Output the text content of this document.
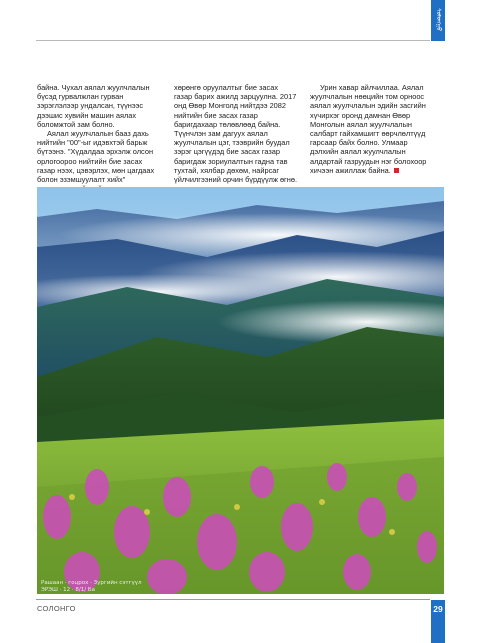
ᠰᠣᠯᠣᠩᠭᠣ

байна. Чухал аялал жуулчлалын бүсэд гурвалжлан гурван зэрэглэлээр ундалсан, түүнээс дээшис хувийн машин аялах боломжтой зам болно.

Аялал жуулчлалын бааз дахь нийтийн "00"-ыг идэвхтэй барьж бүтээнэ. "Хүдалдаа эрхэлж олсон орлогоороо нийтийн бие засах газар нээх, цэвэрлэх, мөн цагдаах болон эзэмшуулалт хийх"

хөрөнгө оруулалтыг бие засах газар барих ажилд зарцуулна. 2017 онд Өвөр Монголд нийтдээ 2082 нийтийн бие засах газар баригдахаар төлөвлөөд байна. Түүнчлэн зам дагуух аялал жуулчлалын цэг, тээврийн буудал зэрэг цэгүүдэд бие засах газар баригдаж зориулалтын гадна тав тухтай, хялбар дөхөм, найрсаг үйлчилгээний орчин бүрдүүлж өгнө.

Урин хавар айлчиллаа. Аялал жуулчлалын нөөцийн том орноос аялал жуулчлалын эдийн засгийн хүчирхэг оронд дамнан Өвөр Монголын аялал жуулчлалын салбарт гайхамшигт өөрчлөлтүүд гарсаар байх болно. Улмаар дэлхийн аялал жуулчлалын алдартай газруудын нэг болохоор хичээн ажиллаж байна.

Рашаан · гоцрох · Зургийн сэтгүүл
ЭРЭШ · 12 · 8/1/ Ба
СОЛОНГО	29
